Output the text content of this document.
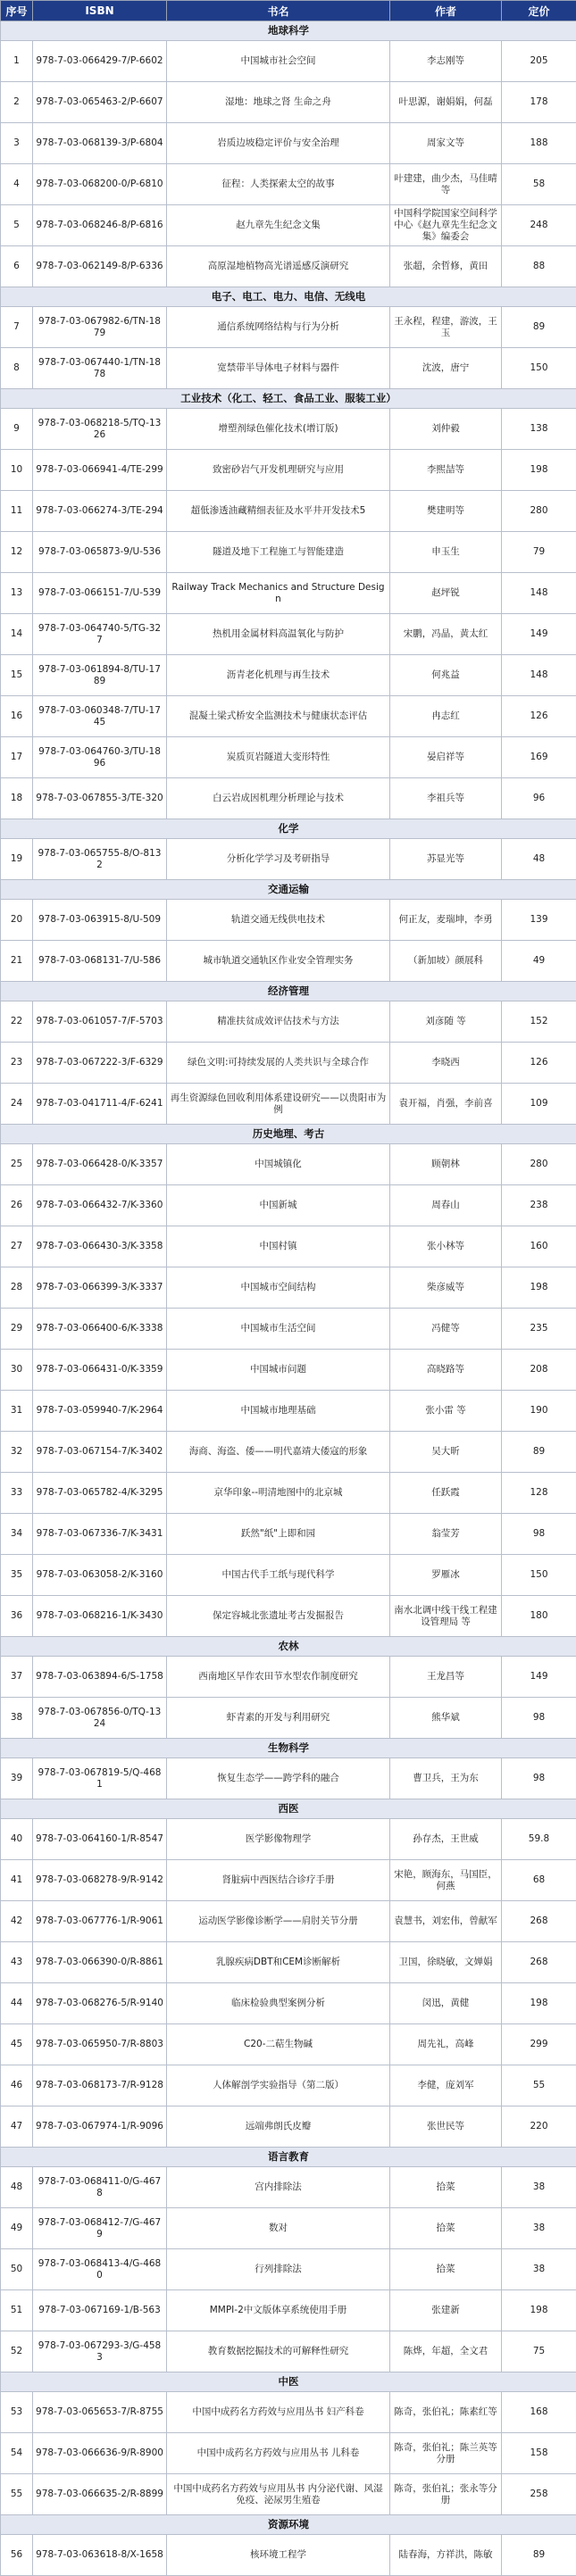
序号	ISBN	书名	作者	定价
地球科学				
1	978-7-03-066429-7/P-6602	中国城市社会空间	李志刚等	205
2	978-7-03-065463-2/P-6607	湿地：地球之肾 生命之舟	叶思源，谢娟娟，何磊	178
3	978-7-03-068139-3/P-6804	岩质边坡稳定评价与安全治理	周家文等	188
4	978-7-03-068200-0/P-6810	征程：人类探索太空的故事	叶建建，曲少杰，马佳晴等	58
5	978-7-03-068246-8/P-6816	赵九章先生纪念文集	中国科学院国家空间科学中心《赵九章先生纪念文集》编委会	248
6	978-7-03-062149-8/P-6336	高原湿地植物高光谱遥感反演研究	张超，余哲修，黄田	88
电子、电工、电力、电信、无线电				
7	978-7-03-067982-6/TN-1879	通信系统网络结构与行为分析	王永程，程建，游波，王玉	89
8	978-7-03-067440-1/TN-1878	宽禁带半导体电子材料与器件	沈波，唐宁	150
工业技术（化工、轻工、食品工业、服装工业）				
9	978-7-03-068218-5/TQ-1326	增塑剂绿色催化技术(增订版)	刘仲毅	138
10	978-7-03-066941-4/TE-299	致密砂岩气开发机理研究与应用	李熙喆等	198
11	978-7-03-066274-3/TE-294	超低渗透油藏精细表征及水平井开发技术5	樊建明等	280
12	978-7-03-065873-9/U-536	隧道及地下工程施工与智能建造	申玉生	79
13	978-7-03-066151-7/U-539	Railway Track Mechanics and Structure Design	赵坪锐	148
14	978-7-03-064740-5/TG-327	热机用金属材料高温氧化与防护	宋鹏，冯晶，黄太红	149
15	978-7-03-061894-8/TU-1789	沥青老化机理与再生技术	何兆益	148
16	978-7-03-060348-7/TU-1745	混凝土梁式桥安全监测技术与健康状态评估	冉志红	126
17	978-7-03-064760-3/TU-1896	炭质页岩隧道大变形特性	晏启祥等	169
18	978-7-03-067855-3/TE-320	白云岩成因机理分析理论与技术	李祖兵等	96
化学				
19	978-7-03-065755-8/O-8132	分析化学学习及考研指导	苏显光等	48
交通运输				
20	978-7-03-063915-8/U-509	轨道交通无线供电技术	何正友，麦瑞坤，李勇	139
21	978-7-03-068131-7/U-586	城市轨道交通轨区作业安全管理实务	（新加坡）颜展科	49
经济管理				
22	978-7-03-061057-7/F-5703	精准扶贫成效评估技术与方法	刘彦随 等	152
23	978-7-03-067222-3/F-6329	绿色文明:可持续发展的人类共识与全球合作	李晓西	126
24	978-7-03-041711-4/F-6241	再生资源绿色回收利用体系建设研究——以贵阳市为例	袁开福，肖强，李前喜	109
历史地理、考古				
25	978-7-03-066428-0/K-3357	中国城镇化	顾朝林	280
26	978-7-03-066432-7/K-3360	中国新城	周春山	238
27	978-7-03-066430-3/K-3358	中国村镇	张小林等	160
28	978-7-03-066399-3/K-3337	中国城市空间结构	柴彦威等	198
29	978-7-03-066400-6/K-3338	中国城市生活空间	冯健等	235
30	978-7-03-066431-0/K-3359	中国城市问题	高晓路等	208
31	978-7-03-059940-7/K-2964	中国城市地理基础	张小雷 等	190
32	978-7-03-067154-7/K-3402	海商、海盗、倭——明代嘉靖大倭寇的形象	吴大昕	89
33	978-7-03-065782-4/K-3295	京华印象--明清地图中的北京城	任跃霞	128
34	978-7-03-067336-7/K-3431	跃然"纸"上即和园	翁莹芳	98
35	978-7-03-063058-2/K-3160	中国古代手工纸与现代科学	罗雁冰	150
36	978-7-03-068216-1/K-3430	保定容城北张遗址考古发掘报告	南水北调中线干线工程建设管理局 等	180
农林				
37	978-7-03-063894-6/S-1758	西南地区旱作农田节水型农作制度研究	王龙昌等	149
38	978-7-03-067856-0/TQ-1324	虾青素的开发与利用研究	熊华斌	98
生物科学				
39	978-7-03-067819-5/Q-4681	恢复生态学——跨学科的融合	曹卫兵，王为东	98
西医				
40	978-7-03-064160-1/R-8547	医学影像物理学	孙存杰，王世威	59.8
41	978-7-03-068278-9/R-9142	肾脏病中西医结合诊疗手册	宋艳，顾海东，马国臣，何燕	68
42	978-7-03-067776-1/R-9061	运动医学影像诊断学——肩肘关节分册	袁慧书，刘宏伟，曾献军	268
43	978-7-03-066390-0/R-8861	乳腺疾病DBT和CEM诊断解析	卫国，徐晓敏，文婵娟	268
44	978-7-03-068276-5/R-9140	临床检验典型案例分析	闵迅，黄健	198
45	978-7-03-065950-7/R-8803	C20-二萜生物碱	周先礼，高峰	299
46	978-7-03-068173-7/R-9128	人体解剖学实验指导（第二版）	李健，庞刘军	55
47	978-7-03-067974-1/R-9096	远端弗朗氏皮瓣	张世民等	220
语言教育				
48	978-7-03-068411-0/G-4678	宫内排除法	拾菜	38
49	978-7-03-068412-7/G-4679	数对	拾菜	38
50	978-7-03-068413-4/G-4680	行列排除法	拾菜	38
51	978-7-03-067169-1/B-563	MMPI-2中文版体享系统使用手册	张建新	198
52	978-7-03-067293-3/G-4583	教育数据挖掘技术的可解释性研究	陈烨，年超，全文君	75
中医				
53	978-7-03-065653-7/R-8755	中国中成药名方药效与应用丛书 妇产科卷	陈奇，张伯礼；陈素红等	168
54	978-7-03-066636-9/R-8900	中国中成药名方药效与应用丛书 儿科卷	陈奇，张伯礼；陈兰英等分册	158
55	978-7-03-066635-2/R-8899	中国中成药名方药效与应用丛书 内分泌代谢、风湿免疫、泌尿男生殖卷	陈奇，张伯礼；张永等分册	258
资源环境				
56	978-7-03-063618-8/X-1658	核环境工程学	陆春海，方祥洪，陈敏	89
